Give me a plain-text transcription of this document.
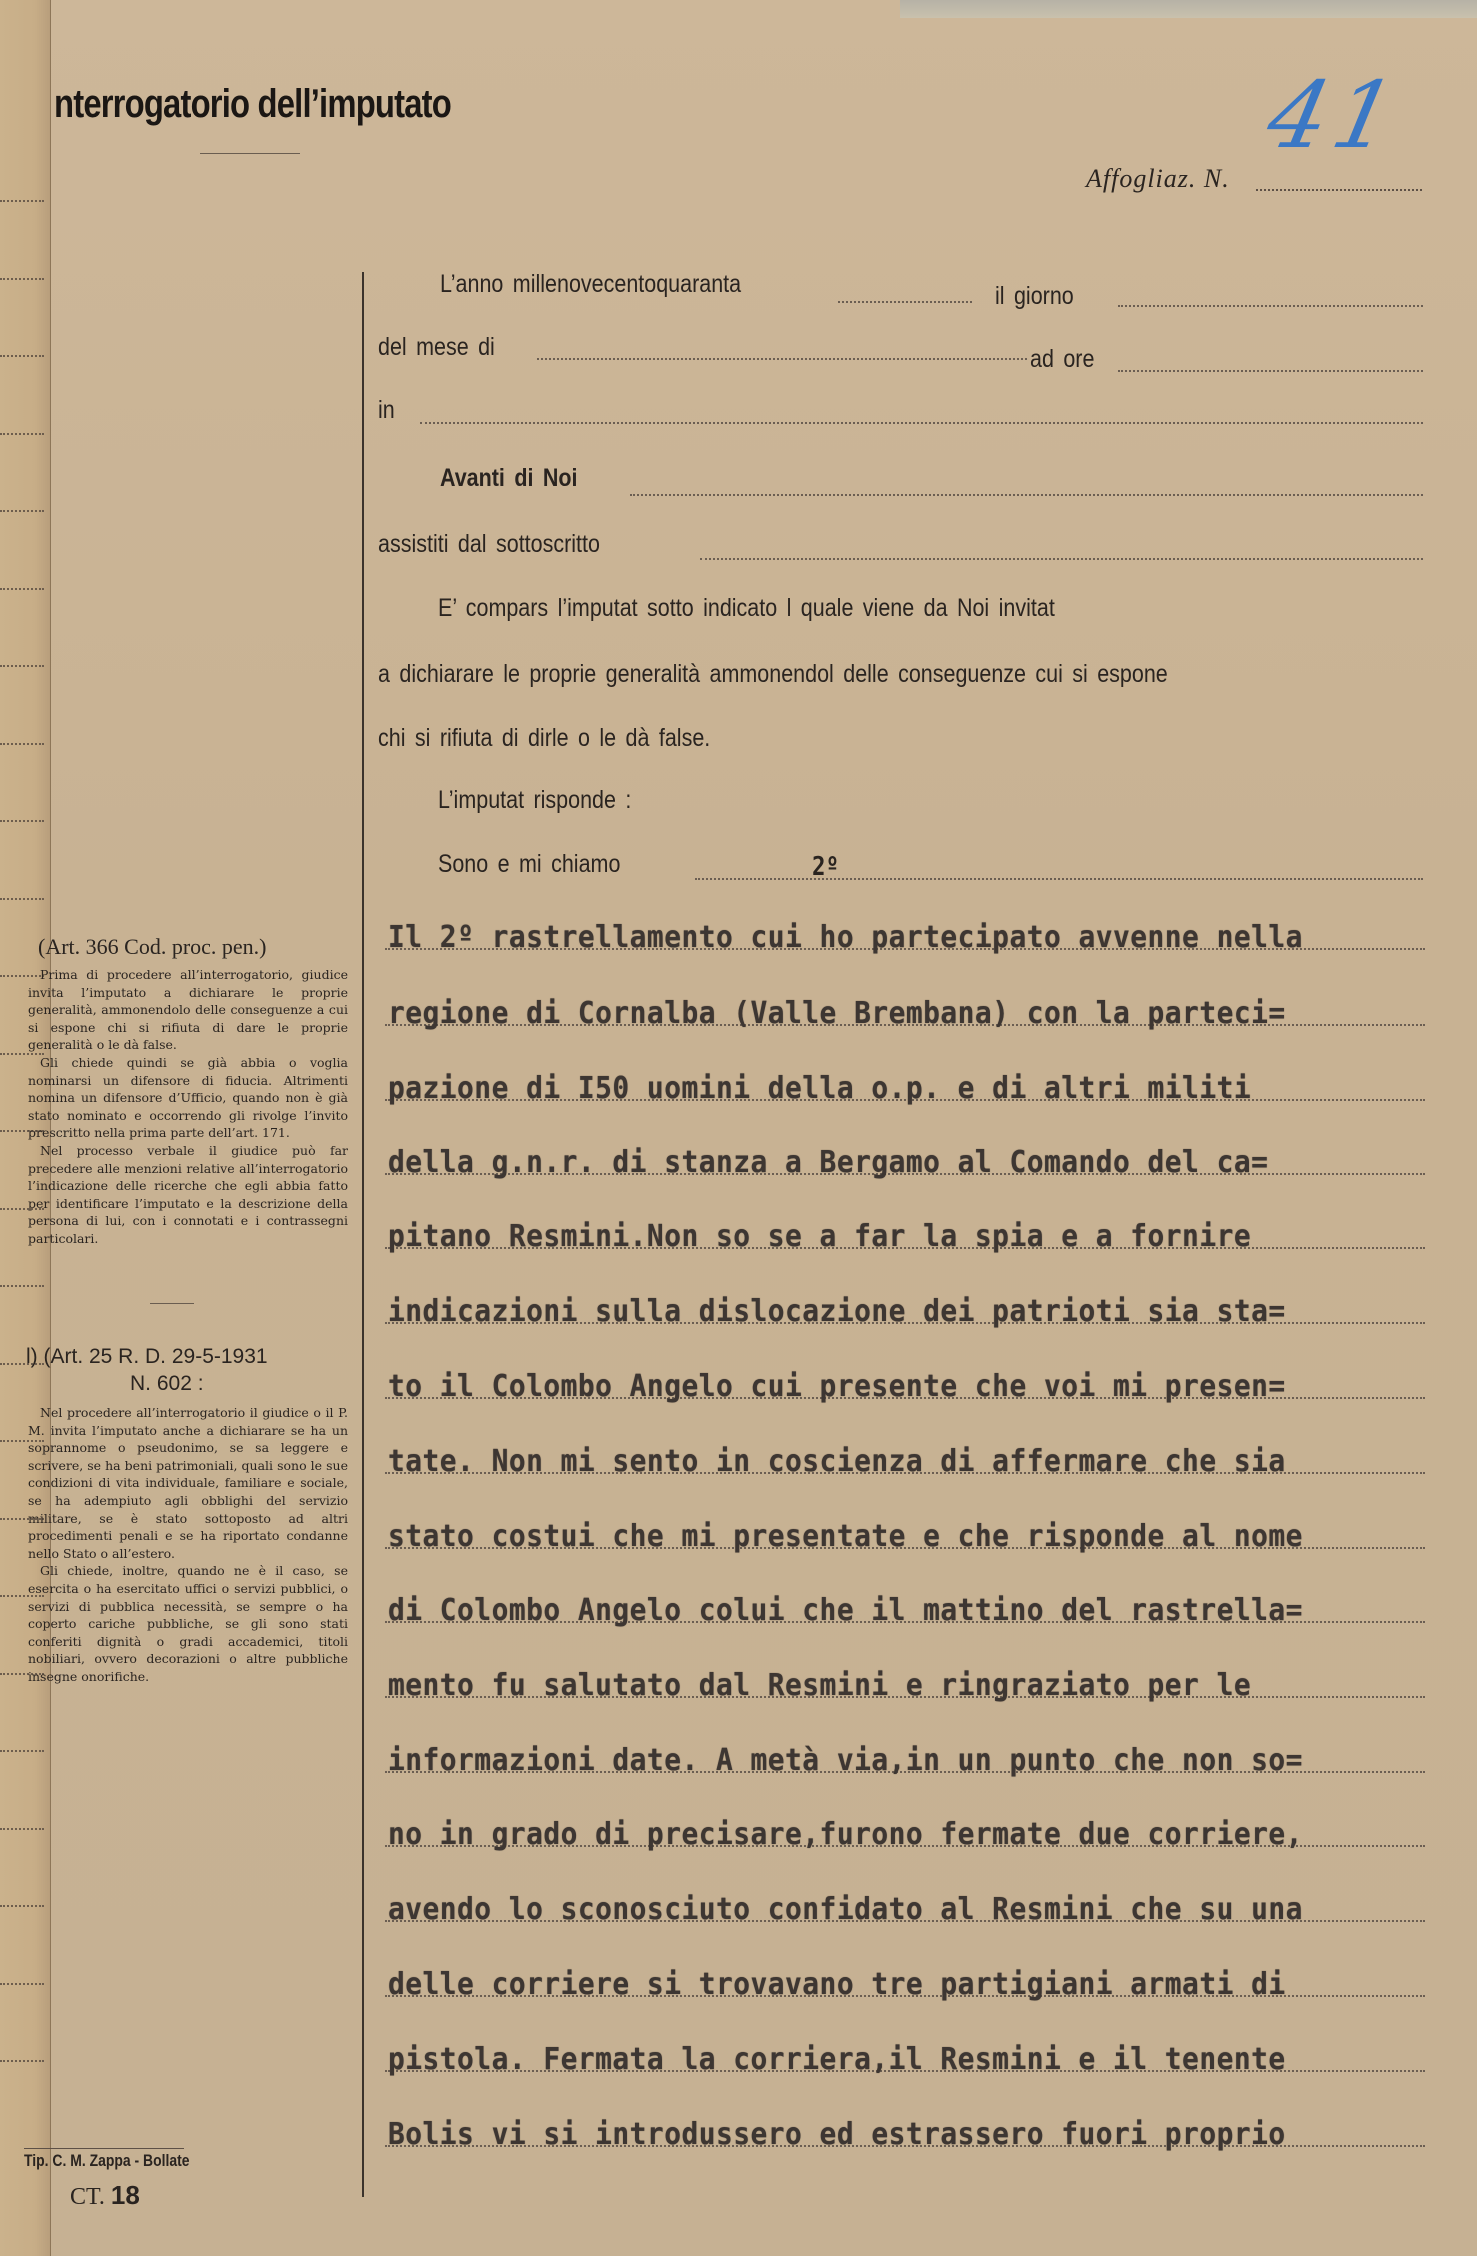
nterrogatorio dell’imputato
Affogliaz. N.
41
L’anno millenovecentoquaranta	il giorno
del mese di	ad ore
in
Avanti di Noi
assistiti dal sottoscritto
E’ compars l’imputat sotto indicato l quale viene da Noi invitat
a dichiarare le proprie generalità ammonendol delle conseguenze cui si espone
chi si rifiuta di dirle o le dà false.
L’imputat risponde :
Sono e mi chiamo	2º
Il 2º rastrellamento cui ho partecipato avvenne nella
regione di Cornalba (Valle Brembana) con la parteci=
pazione di I50 uomini della o.p. e di altri militi
della g.n.r. di stanza a Bergamo al Comando del ca=
pitano Resmini.Non so se a far la spia e a fornire
indicazioni sulla dislocazione dei patrioti sia sta=
to il Colombo Angelo cui presente che voi mi presen=
tate. Non mi sento in coscienza di affermare che sia
stato costui che mi presentate e che risponde al nome
di Colombo Angelo colui che il mattino del rastrella=
mento fu salutato dal Resmini e ringraziato per le
informazioni date. A metà via,in un punto che non so=
no in grado di precisare,furono fermate due corriere,
avendo lo sconosciuto confidato al Resmini che su una
delle corriere si trovavano tre partigiani armati di
pistola. Fermata la corriera,il Resmini e il tenente
Bolis vi si introdussero ed estrassero fuori proprio
(Art. 366 Cod. proc. pen.)

Prima di procedere all’interrogatorio, giudice invita l’imputato a dichiarare le proprie generalità, ammonendolo delle conseguenze a cui si espone chi si rifiuta di dare le proprie generalità o le dà false.

Gli chiede quindi se già abbia o voglia nominarsi un difensore di fiducia. Altrimenti nomina un difensore d’Ufficio, quando non è già stato nominato e occorrendo gli rivolge l’invito prescritto nella prima parte dell’art. 171.

Nel processo verbale il giudice può far precedere alle menzioni relative all’interrogatorio l’indicazione delle ricerche che egli abbia fatto per identificare l’imputato e la descrizione della persona di lui, con i connotati e i contrassegni particolari.

l) (Art. 25 R. D. 29-5-1931
N. 602 :

Nel procedere all’interrogatorio il giudice o il P. M. invita l’imputato anche a dichiarare se ha un soprannome o pseudonimo, se sa leggere e scrivere, se ha beni patrimoniali, quali sono le sue condizioni di vita individuale, familiare e sociale, se ha adempiuto agli obblighi del servizio militare, se è stato sottoposto ad altri procedimenti penali e se ha riportato condanne nello Stato o all’estero.

Gli chiede, inoltre, quando ne è il caso, se esercita o ha esercitato uffici o servizi pubblici, o servizi di pubblica necessità, se sempre o ha coperto cariche pubbliche, se gli sono stati conferiti dignità o gradi accademici, titoli nobiliari, ovvero decorazioni o altre pubbliche insegne onorifiche.

Tip. C. M. Zappa - Bollate
CT. 18
